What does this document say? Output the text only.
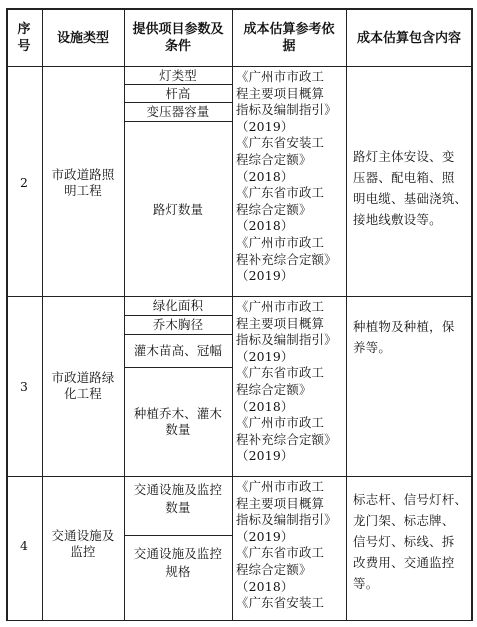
序
号
设施类型
提供项目参数及
条件
成本估算参考依
据
成本估算包含内容
2
市政道路照
明工程
灯类型
杆高
变压器容量
路灯数量
《广州市市政工
程主要项目概算
指标及编制指引》
（2019）
《广东省安装工
程综合定额》
（2018）
《广东省市政工
程综合定额》
（2018）
《广州市市政工
程补充综合定额》
（2019）
路灯主体安设、变
压器、配电箱、照
明电缆、基础浇筑、
接地线敷设等。
3
市政道路绿
化工程
绿化面积
乔木胸径
灌木苗高、冠幅
种植乔木、灌木
数量
《广州市市政工
程主要项目概算
指标及编制指引》
（2019）
《广东省市政工
程综合定额》
（2018）
《广州市市政工
程补充综合定额》
（2019）
种植物及种植，保
养等。
4
交通设施及
监控
交通设施及监控
数量
交通设施及监控
规格
《广州市市政工
程主要项目概算
指标及编制指引》
（2019）
《广东省市政工
程综合定额》
（2018）
《广东省安装工
标志杆、信号灯杆、
龙门架、标志牌、
信号灯、标线、拆
改费用、交通监控
等。
